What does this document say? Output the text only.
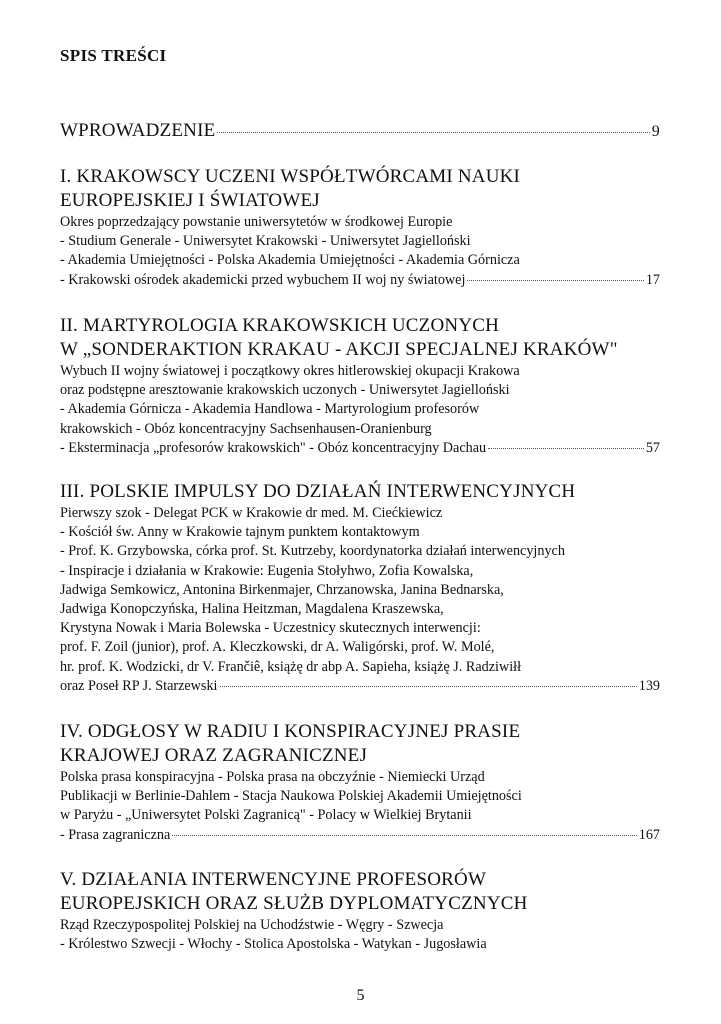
SPIS TREŚCI
WPROWADZENIE	9
I. KRAKOWSCY UCZENI WSPÓŁTWÓRCAMI NAUKI
EUROPEJSKIEJ I ŚWIATOWEJ
Okres poprzedzający powstanie uniwersytetów w środkowej Europie
- Studium Generale - Uniwersytet Krakowski - Uniwersytet Jagielloński
- Akademia Umiejętności - Polska Akademia Umiejętności - Akademia Górnicza
- Krakowski ośrodek akademicki przed wybuchem II woj ny światowej	17
II. MARTYROLOGIA KRAKOWSKICH UCZONYCH
W „SONDERAKTION KRAKAU - AKCJI SPECJALNEJ KRAKÓW"
Wybuch II wojny światowej i początkowy okres hitlerowskiej okupacji Krakowa
oraz podstępne aresztowanie krakowskich uczonych - Uniwersytet Jagielloński
- Akademia Górnicza - Akademia Handlowa - Martyrologium profesorów
krakowskich - Obóz koncentracyjny Sachsenhausen-Oranienburg
- Eksterminacja „profesorów krakowskich" - Obóz koncentracyjny Dachau	57
III. POLSKIE IMPULSY DO DZIAŁAŃ INTERWENCYJNYCH
Pierwszy szok - Delegat PCK w Krakowie dr med. M. Ciećkiewicz
- Kościół św. Anny w Krakowie tajnym punktem kontaktowym
- Prof. K. Grzybowska, córka prof. St. Kutrzeby, koordynatorka działań interwencyjnych
- Inspiracje i działania w Krakowie: Eugenia Stołyhwo, Zofia Kowalska,
Jadwiga Semkowicz, Antonina Birkenmajer, Chrzanowska, Janina Bednarska,
Jadwiga Konopczyńska, Halina Heitzman, Magdalena Kraszewska,
Krystyna Nowak i Maria Bolewska - Uczestnicy skutecznych interwencji:
prof. F. Zoil (junior), prof. A. Kleczkowski, dr A. Waligórski, prof. W. Molé,
hr. prof. K. Wodzicki, dr V. Frančiê, książę dr abp A. Sapieha, książę J. Radziwiłł
oraz Poseł RP J. Starzewski	139
IV. ODGŁOSY W RADIU I KONSPIRACYJNEJ PRASIE
KRAJOWEJ ORAZ ZAGRANICZNEJ
Polska prasa konspiracyjna - Polska prasa na obczyźnie - Niemiecki Urząd
Publikacji w Berlinie-Dahlem - Stacja Naukowa Polskiej Akademii Umiejętności
w Paryżu - „Uniwersytet Polski Zagranicą" - Polacy w Wielkiej Brytanii
- Prasa zagraniczna	167
V. DZIAŁANIA INTERWENCYJNE PROFESORÓW
EUROPEJSKICH ORAZ SŁUŻB DYPLOMATYCZNYCH
Rząd Rzeczypospolitej Polskiej na Uchodźstwie - Węgry - Szwecja
- Królestwo Szwecji - Włochy - Stolica Apostolska - Watykan - Jugosławia
5
